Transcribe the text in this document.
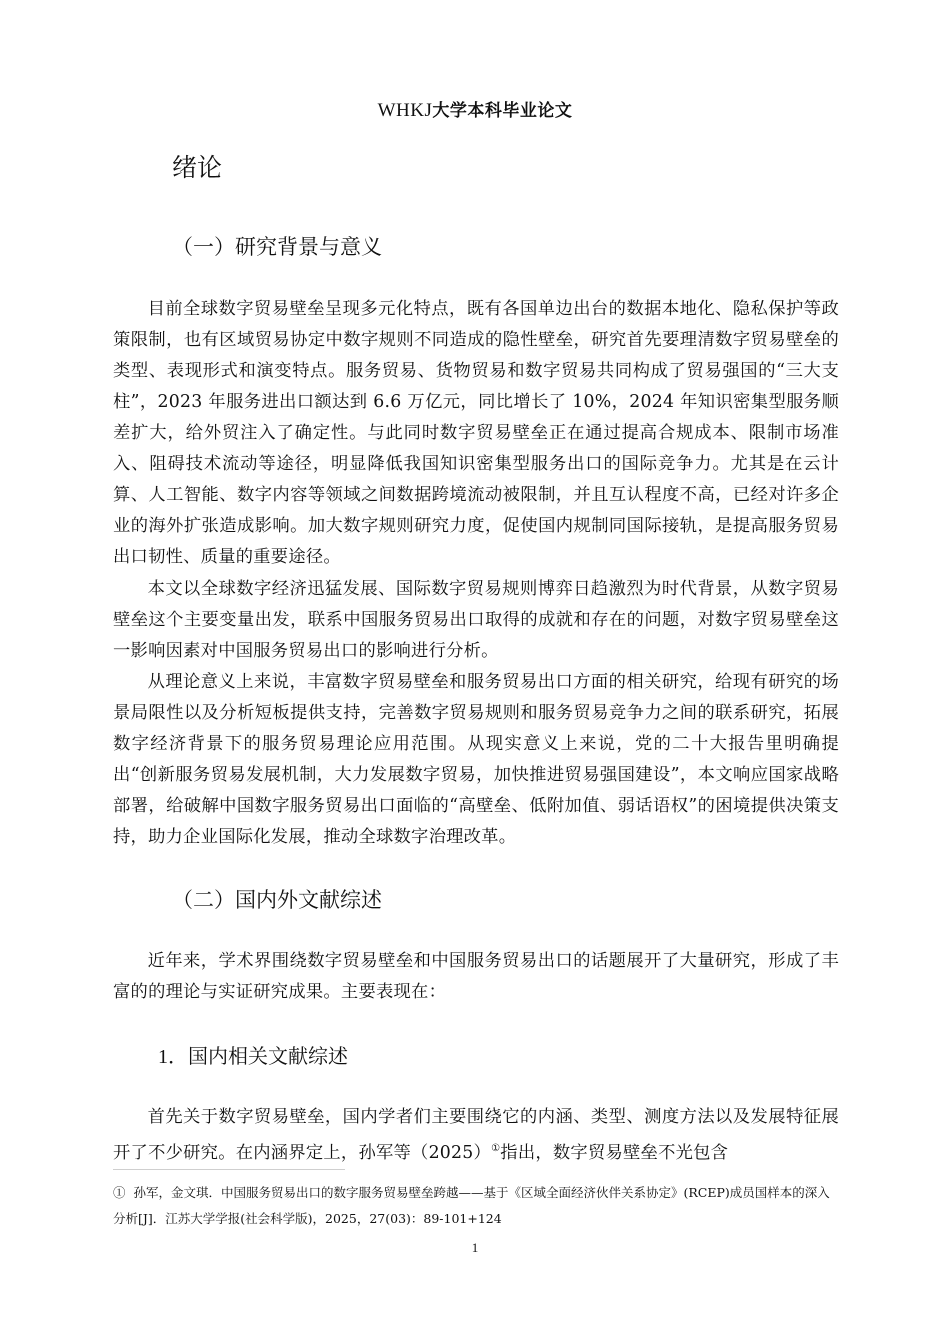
WHKJ大学本科毕业论文
绪论
（一）研究背景与意义

目前全球数字贸易壁垒呈现多元化特点，既有各国单边出台的数据本地化、隐私保护等政策限制，也有区域贸易协定中数字规则不同造成的隐性壁垒，研究首先要理清数字贸易壁垒的类型、表现形式和演变特点。服务贸易、货物贸易和数字贸易共同构成了贸易强国的“三大支柱”，2023 年服务进出口额达到 6.6 万亿元，同比增长了 10%，2024 年知识密集型服务顺差扩大，给外贸注入了确定性。与此同时数字贸易壁垒正在通过提高合规成本、限制市场准入、阻碍技术流动等途径，明显降低我国知识密集型服务出口的国际竞争力。尤其是在云计算、人工智能、数字内容等领域之间数据跨境流动被限制，并且互认程度不高，已经对许多企业的海外扩张造成影响。加大数字规则研究力度，促使国内规制同国际接轨，是提高服务贸易出口韧性、质量的重要途径。

本文以全球数字经济迅猛发展、国际数字贸易规则博弈日趋激烈为时代背景，从数字贸易壁垒这个主要变量出发，联系中国服务贸易出口取得的成就和存在的问题，对数字贸易壁垒这一影响因素对中国服务贸易出口的影响进行分析。

从理论意义上来说，丰富数字贸易壁垒和服务贸易出口方面的相关研究，给现有研究的场景局限性以及分析短板提供支持，完善数字贸易规则和服务贸易竞争力之间的联系研究，拓展数字经济背景下的服务贸易理论应用范围。从现实意义上来说，党的二十大报告里明确提出“创新服务贸易发展机制，大力发展数字贸易，加快推进贸易强国建设”，本文响应国家战略部署，给破解中国数字服务贸易出口面临的“高壁垒、低附加值、弱话语权”的困境提供决策支持，助力企业国际化发展，推动全球数字治理改革。

（二）国内外文献综述

近年来，学术界围绕数字贸易壁垒和中国服务贸易出口的话题展开了大量研究，形成了丰富的的理论与实证研究成果。主要表现在：

1．国内相关文献综述

首先关于数字贸易壁垒，国内学者们主要围绕它的内涵、类型、测度方法以及发展特征展开了不少研究。在内涵界定上，孙军等（2025）①指出，数字贸易壁垒不光包含

① 孙军，金文琪．中国服务贸易出口的数字服务贸易壁垒跨越——基于《区域全面经济伙伴关系协定》(RCEP)成员国样本的深入分析[J]．江苏大学学报(社会科学版)，2025，27(03)：89-101+124

1
